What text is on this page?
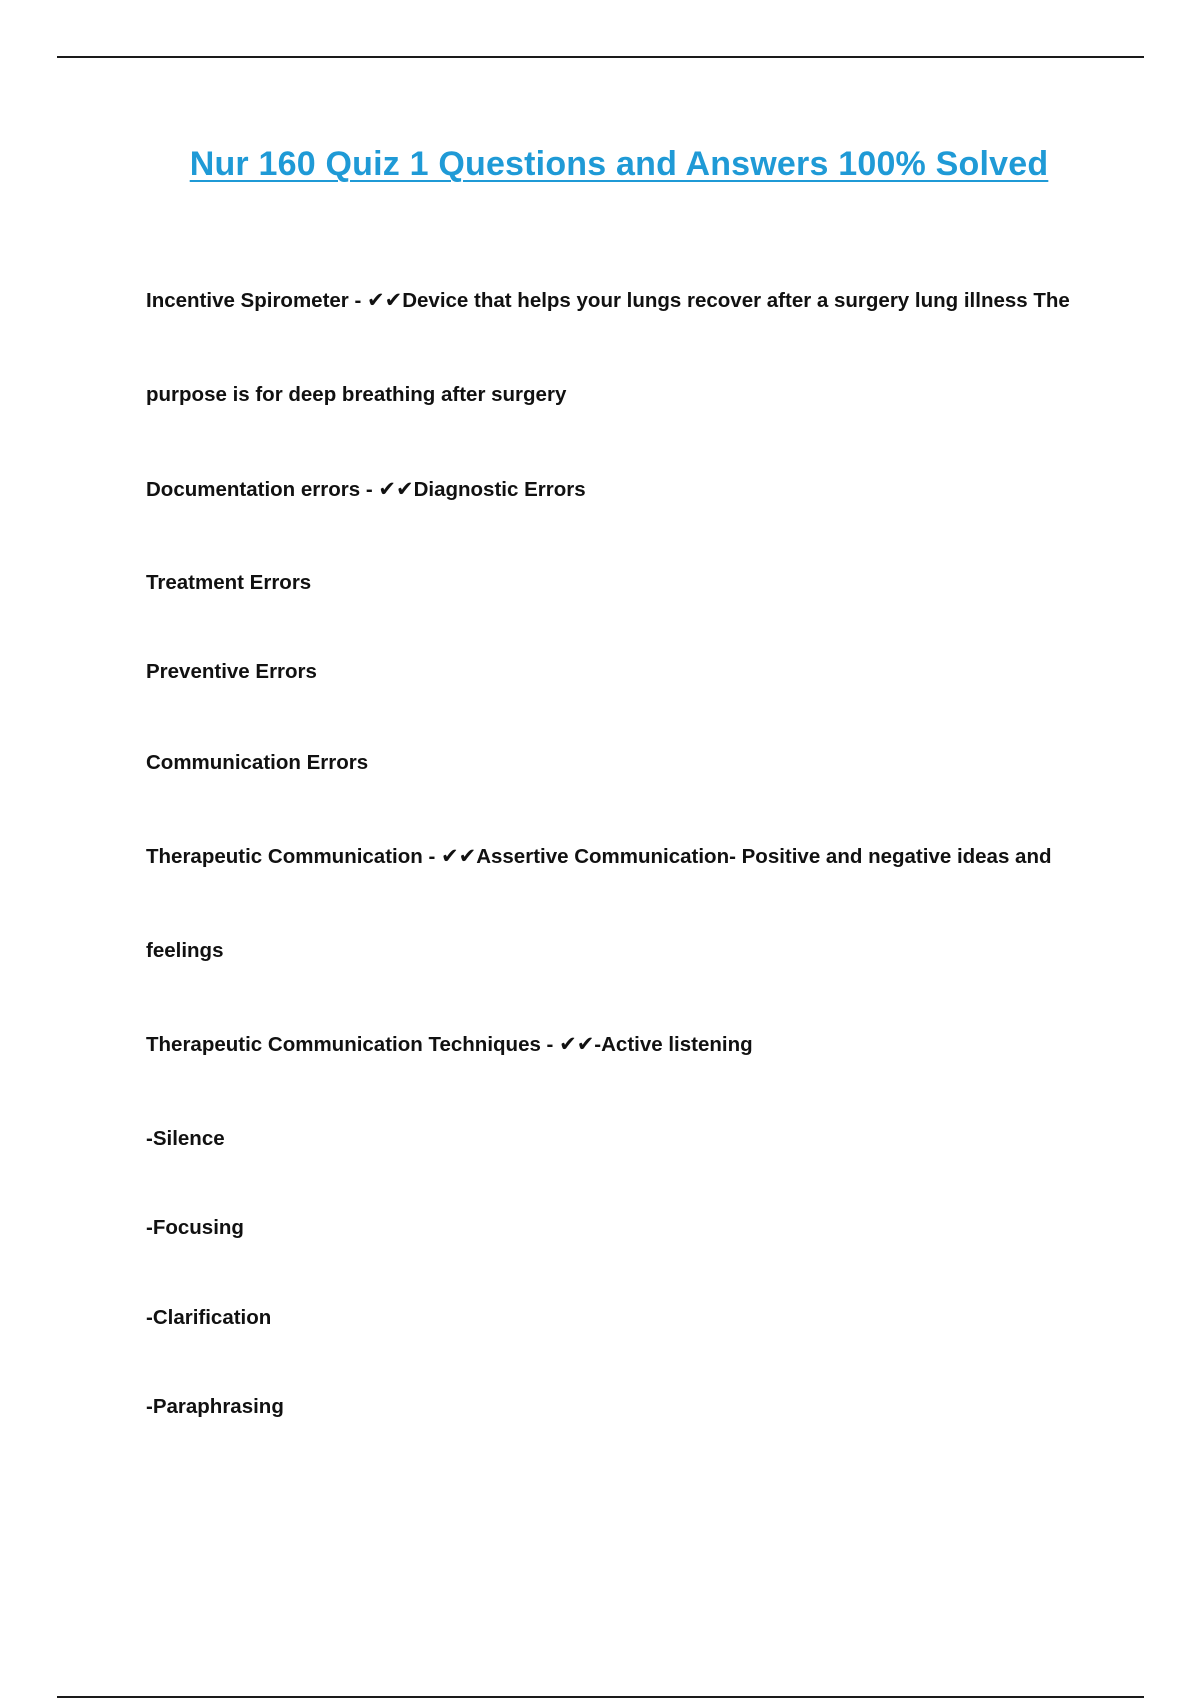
Nur 160 Quiz 1 Questions and Answers 100% Solved
Incentive Spirometer - ✔✔Device that helps your lungs recover after a surgery lung illness The
purpose is for deep breathing after surgery
Documentation errors - ✔✔Diagnostic Errors
Treatment Errors
Preventive Errors
Communication Errors
Therapeutic Communication - ✔✔Assertive Communication- Positive and negative ideas and
feelings
Therapeutic Communication Techniques - ✔✔-Active listening
-Silence
-Focusing
-Clarification
-Paraphrasing
